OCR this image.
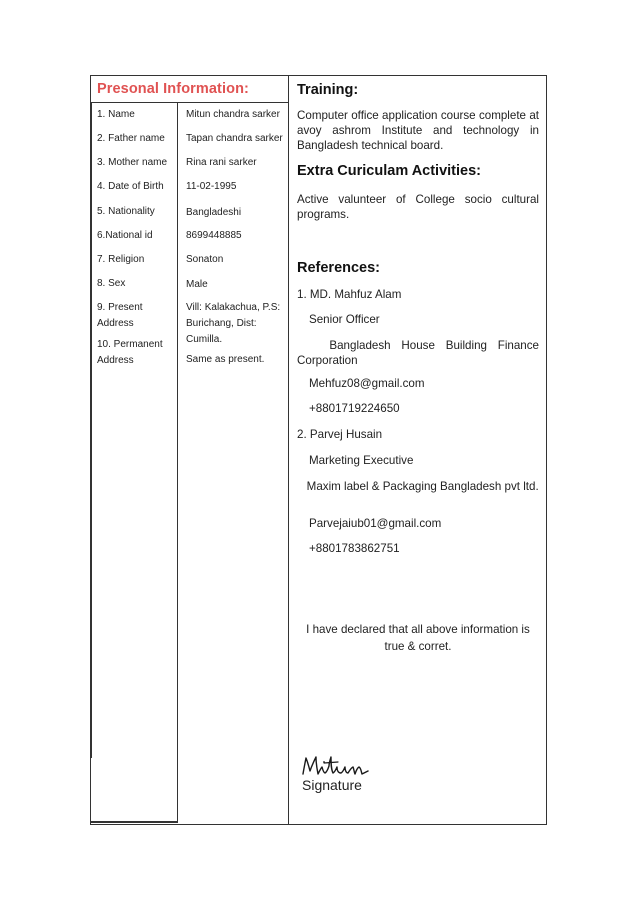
Presonal Information:
1. Name	Mitun chandra sarker
2. Father name	Tapan chandra sarker
3. Mother name	Rina rani sarker
4. Date of Birth	11-02-1995
5. Nationality	Bangladeshi
6.National id	8699448885
7. Religion	Sonaton
8. Sex	Male
9. Present Address
Vill: Kalakachua, P.S: Burichang, Dist: Cumilla.
10. Permanent Address	Same as present.
Training:
Computer office application course complete at avoy ashrom Institute and technology in Bangladesh technical board.
Extra Curiculam Activities:
Active valunteer of College socio cultural programs.
References:
1. MD. Mahfuz Alam
Senior Officer
Bangladesh House Building Finance Corporation
Mehfuz08@gmail.com
+8801719224650
2. Parvej Husain
Marketing Executive
Maxim label & Packaging Bangladesh pvt ltd.
Parvejaiub01@gmail.com
+8801783862751
I have declared that all above information is true & corret.
Signature
